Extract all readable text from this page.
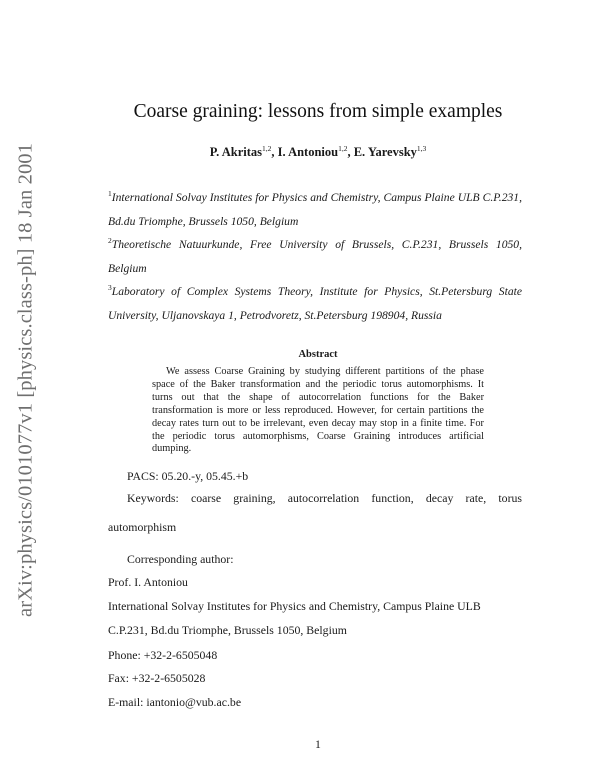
arXiv:physics/0101077v1 [physics.class-ph] 18 Jan 2001
Coarse graining: lessons from simple examples
P. Akritas$^{1,2}$, I. Antoniou$^{1,2}$, E. Yarevsky$^{1,3}$
$^1$International Solvay Institutes for Physics and Chemistry, Campus Plaine ULB C.P.231, Bd.du Triomphe, Brussels 1050, Belgium
$^2$Theoretische Natuurkunde, Free University of Brussels, C.P.231, Brussels 1050, Belgium
$^3$Laboratory of Complex Systems Theory, Institute for Physics, St.Petersburg State University, Uljanovskaya 1, Petrodvoretz, St.Petersburg 198904, Russia
Abstract
We assess Coarse Graining by studying different partitions of the phase space of the Baker transformation and the periodic torus automorphisms. It turns out that the shape of autocorrelation functions for the Baker transformation is more or less reproduced. However, for certain partitions the decay rates turn out to be irrelevant, even decay may stop in a finite time. For the periodic torus automorphisms, Coarse Graining introduces artificial dumping.
PACS: 05.20.-y, 05.45.+b
Keywords: coarse graining, autocorrelation function, decay rate, torus automorphism
Corresponding author:
Prof. I. Antoniou
International Solvay Institutes for Physics and Chemistry, Campus Plaine ULB
C.P.231, Bd.du Triomphe, Brussels 1050, Belgium
Phone: +32-2-6505048
Fax: +32-2-6505028
E-mail: iantonio@vub.ac.be
1
